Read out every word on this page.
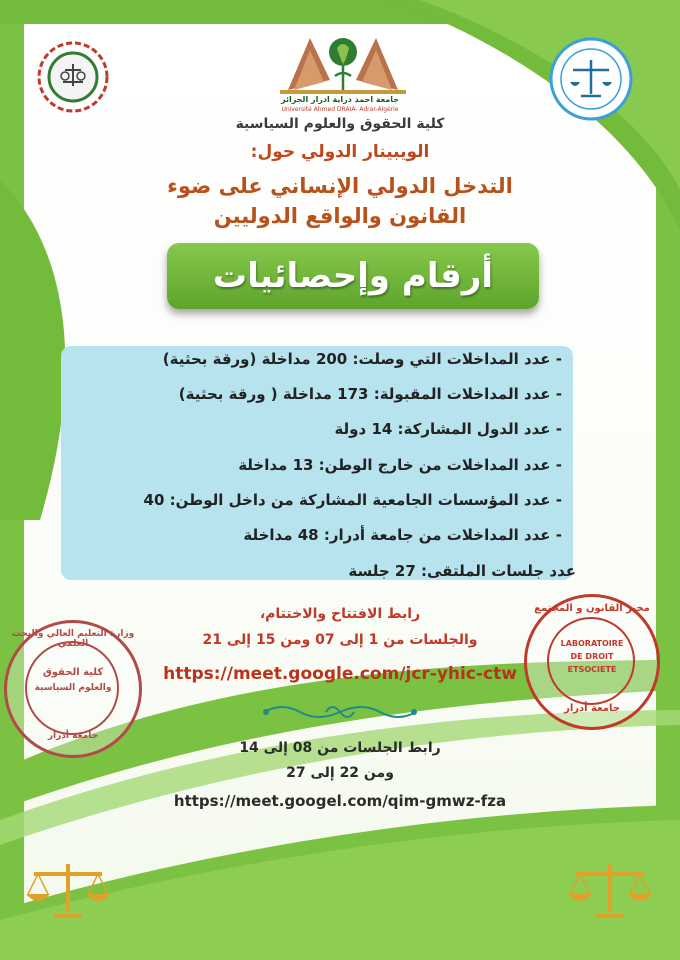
جامعة احمد دراية ادرار الجزائر
Université Ahmed DRAIA- Adrar-Algérie
كلية الحقوق والعلوم السياسية
الويبينار الدولي حول:
التدخل الدولي الإنساني على ضوء
القانون والواقع الدوليين
أرقام وإحصائيات
- عدد المداخلات التي وصلت: 200 مداخلة (ورقة بحثية)
- عدد المداخلات المقبولة: 173 مداخلة ( ورقة بحثية)
- عدد الدول المشاركة: 14 دولة
- عدد المداخلات من خارج الوطن: 13 مداخلة
- عدد المؤسسات الجامعية المشاركة من داخل الوطن: 40
- عدد المداخلات من جامعة أدرار: 48 مداخلة
عدد جلسات الملتقى: 27 جلسة
رابط الافتتاح والاختتام،
والجلسات من 1 إلى 07 ومن 15 إلى 21
https://meet.google.com/jcr-yhic-ctw
رابط الجلسات من 08 إلى 14
ومن 22 إلى 27
https://meet.googel.com/qim-gmwz-fza
وزارة التعليم العالي والبحث العلمي
كلية الحقوق
والعلوم السياسية
جامعة أدرار
مخبر القانون و المجتمع
LABORATOIRE
DE DROIT
ETSOCIETE
جامعة أدرار
